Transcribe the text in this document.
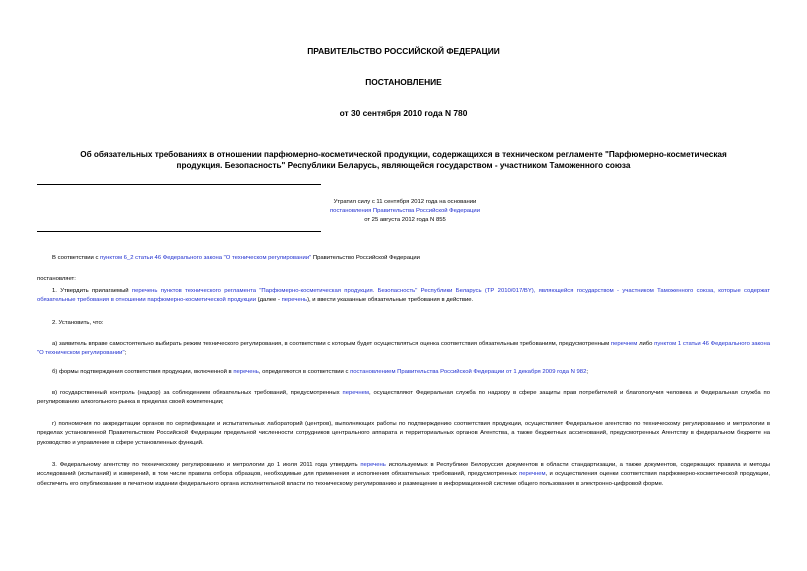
ПРАВИТЕЛЬСТВО РОССИЙСКОЙ ФЕДЕРАЦИИ
ПОСТАНОВЛЕНИЕ
от 30 сентября 2010 года N 780
Об обязательных требованиях в отношении парфюмерно-косметической продукции, содержащихся в техническом регламенте "Парфюмерно-косметическая
продукция. Безопасность" Республики Беларусь, являющейся государством - участником Таможенного союза
Утратил силу с 11 сентября 2012 года на основании
постановления Правительства Российской Федерации
от 25 августа 2012 года N 855

В соответствии с пунктом 6_2 статьи 46 Федерального закона "О техническом регулировании" Правительство Российской Федерации

постановляет:

1. Утвердить прилагаемый перечень пунктов технического регламента "Парфюмерно-косметическая продукция. Безопасность" Республики Беларусь (ТР 2010/017/BY), являющейся государством - участником Таможенного союза, которые содержат обязательные требования в отношении парфюмерно-косметической продукции (далее - перечень), и ввести указанные обязательные требования в действие.

2. Установить, что:

а) заявитель вправе самостоятельно выбирать режим технического регулирования, в соответствии с которым будет осуществляться оценка соответствия обязательным требованиям, предусмотренным перечнем либо пунктом 1 статьи 46 Федерального закона "О техническом регулировании";

б) формы подтверждения соответствия продукции, включенной в перечень, определяются в соответствии с постановлением Правительства Российской Федерации от 1 декабря 2009 года N 982;

в) государственный контроль (надзор) за соблюдением обязательных требований, предусмотренных перечнем, осуществляют Федеральная служба по надзору в сфере защиты прав потребителей и благополучия человека и Федеральная служба по регулированию алкогольного рынка в пределах своей компетенции;

г) полномочия по аккредитации органов по сертификации и испытательных лабораторий (центров), выполняющих работы по подтверждению соответствия продукции, осуществляет Федеральное агентство по техническому регулированию и метрологии в пределах установленной Правительством Российской Федерации предельной численности сотрудников центрального аппарата и территориальных органов Агентства, а также бюджетных ассигнований, предусмотренных Агентству в федеральном бюджете на руководство и управление в сфере установленных функций.

3. Федеральному агентству по техническому регулированию и метрологии до 1 июля 2011 года утвердить перечень используемых в Республике Белоруссия документов в области стандартизации, а также документов, содержащих правила и методы исследований (испытаний) и измерений, в том числе правила отбора образцов, необходимые для применения и исполнения обязательных требований, предусмотренных перечнем, и осуществления оценки соответствия парфюмерно-косметической продукции, обеспечить его опубликование в печатном издании федерального органа исполнительной власти по техническому регулированию и размещение в информационной системе общего пользования в электронно-цифровой форме.
